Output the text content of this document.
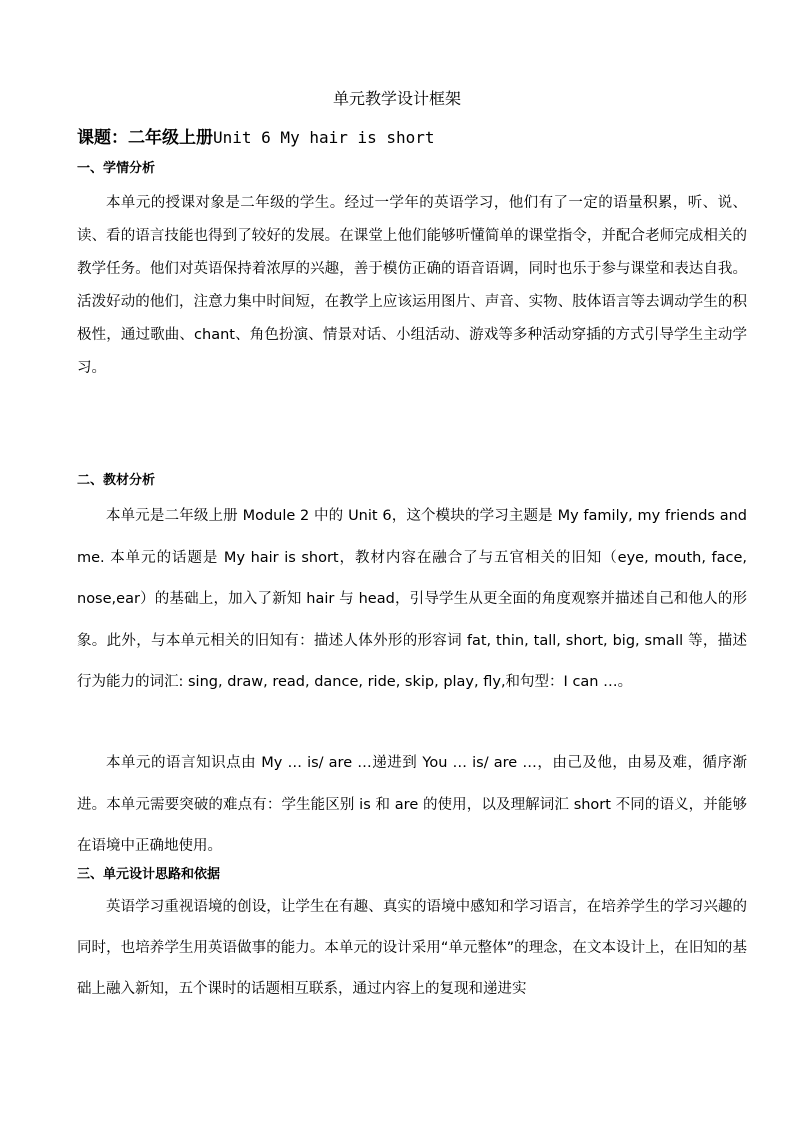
单元教学设计框架
课题：二年级上册Unit 6 My hair is short
一、学情分析

本单元的授课对象是二年级的学生。经过一学年的英语学习，他们有了一定的语量积累，听、说、读、看的语言技能也得到了较好的发展。在课堂上他们能够听懂简单的课堂指令，并配合老师完成相关的教学任务。他们对英语保持着浓厚的兴趣，善于模仿正确的语音语调，同时也乐于参与课堂和表达自我。活泼好动的他们，注意力集中时间短，在教学上应该运用图片、声音、实物、肢体语言等去调动学生的积极性，通过歌曲、chant、角色扮演、情景对话、小组活动、游戏等多种活动穿插的方式引导学生主动学习。

二、教材分析

本单元是二年级上册 Module 2 中的 Unit 6，这个模块的学习主题是 My family, my friends and me. 本单元的话题是 My hair is short，教材内容在融合了与五官相关的旧知（eye, mouth, face, nose,ear）的基础上，加入了新知 hair 与 head，引导学生从更全面的角度观察并描述自己和他人的形象。此外，与本单元相关的旧知有：描述人体外形的形容词 fat, thin, tall, short, big, small 等，描述行为能力的词汇: sing, draw, read, dance, ride, skip, play, fly,和句型：I can …。

本单元的语言知识点由 My … is/ are …递进到 You … is/ are …，由己及他，由易及难，循序渐进。本单元需要突破的难点有：学生能区别 is 和 are 的使用，以及理解词汇 short 不同的语义，并能够在语境中正确地使用。

三、单元设计思路和依据

英语学习重视语境的创设，让学生在有趣、真实的语境中感知和学习语言，在培养学生的学习兴趣的同时，也培养学生用英语做事的能力。本单元的设计采用“单元整体”的理念，在文本设计上，在旧知的基础上融入新知，五个课时的话题相互联系，通过内容上的复现和递进实
